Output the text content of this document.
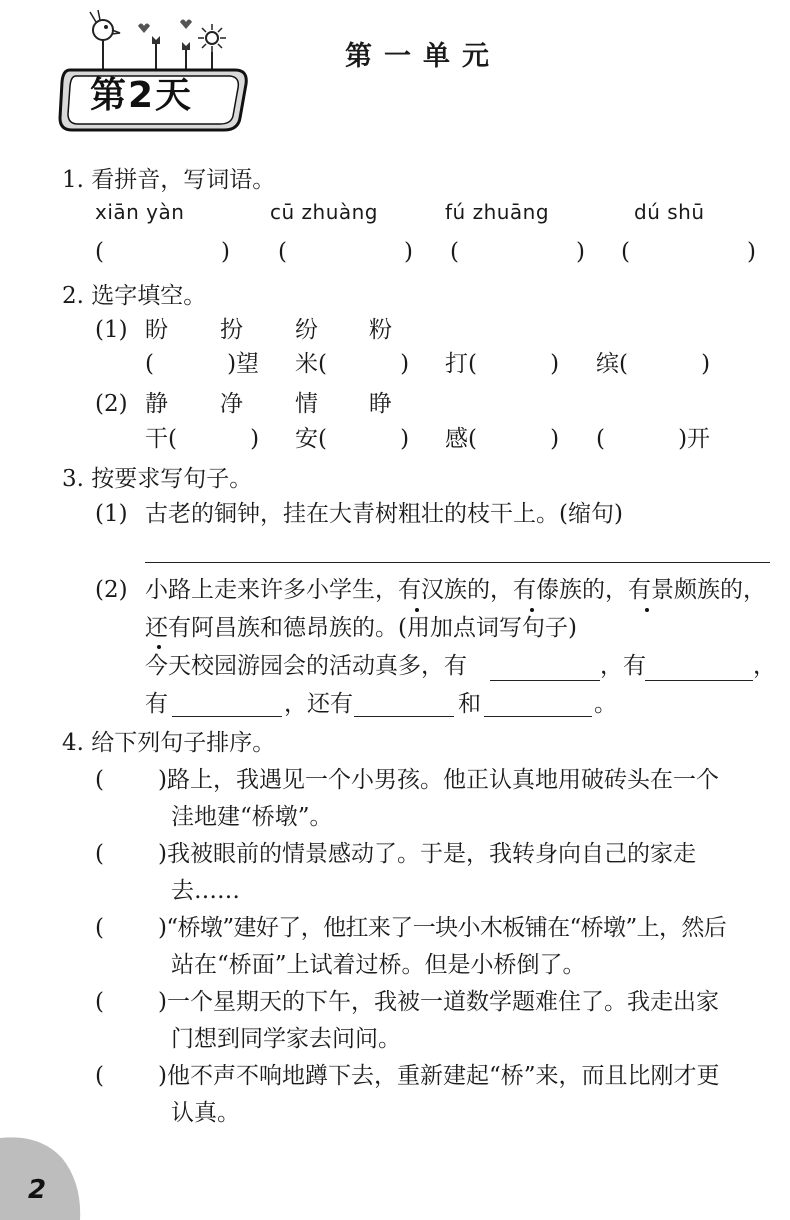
第2天
第一单元
1. 看拼音，写词语。
xiān yàn	cū zhuàng	fú zhuāng	dú shū
(                ) (                ) (                ) (                )
2. 选字填空。
(1) 盼 扮 纷 粉
(          )望 米(          ) 打(          ) 缤(          )
(2) 静 净 情 睁
干(          ) 安(          ) 感(          ) (          )开
3. 按要求写句子。
(1) 古老的铜钟，挂在大青树粗壮的枝干上。(缩句)
(2) 小路上走来许多小学生，有汉族的，有傣族的，有景颇族的，
还有阿昌族和德昂族的。(用加点词写句子)
今天校园游园会的活动真多，有	，有	，
有	，还有	和	。
4. 给下列句子排序。
( )路上，我遇见一个小男孩。他正认真地用破砖头在一个
洼地建“桥墩”。
( )我被眼前的情景感动了。于是，我转身向自己的家走
去……
( )“桥墩”建好了，他扛来了一块小木板铺在“桥墩”上，然后
站在“桥面”上试着过桥。但是小桥倒了。
( )一个星期天的下午，我被一道数学题难住了。我走出家
门想到同学家去问问。
( )他不声不响地蹲下去，重新建起“桥”来，而且比刚才更
认真。
2
